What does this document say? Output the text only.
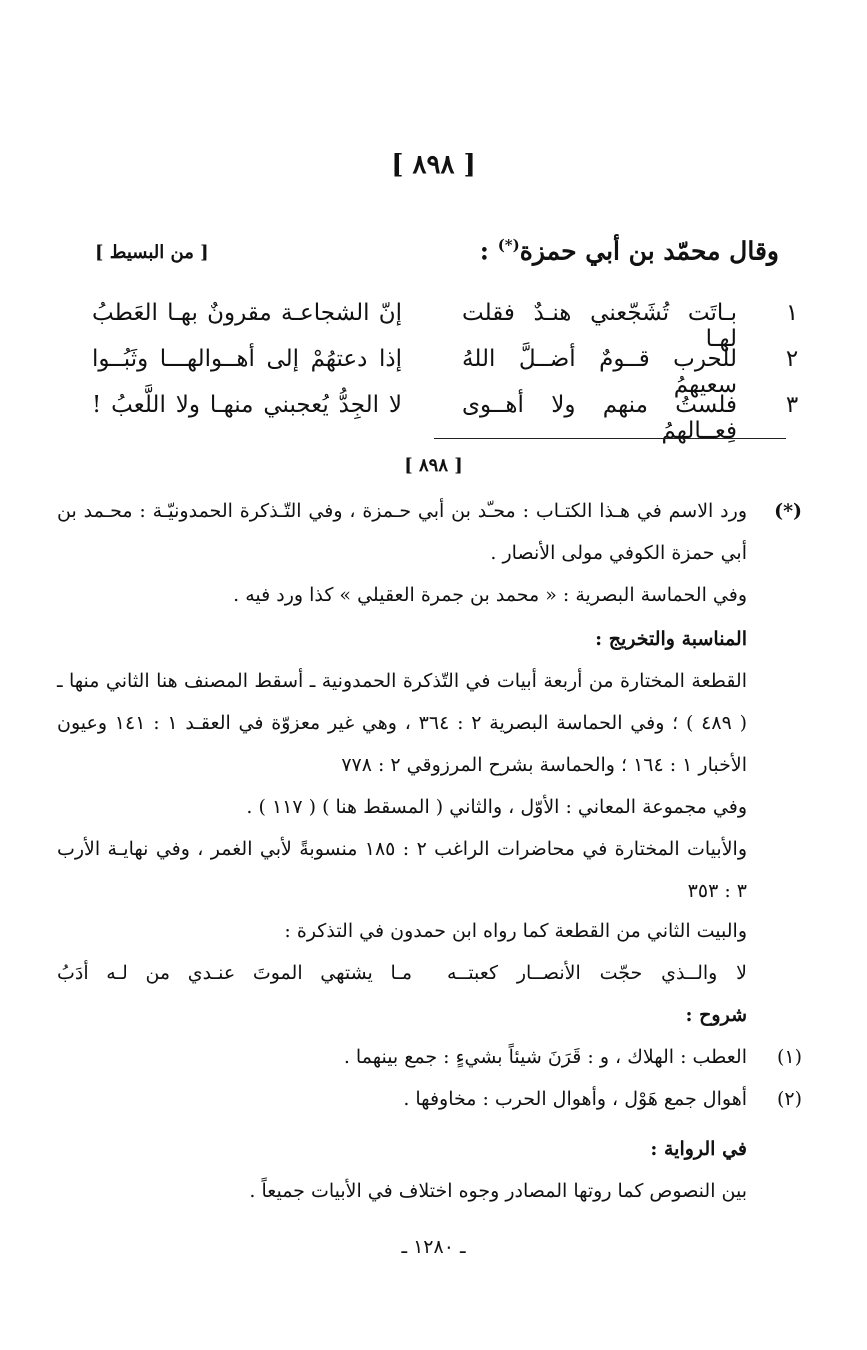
[ ٨٩٨ ]
وقال محمّد بن أبي حمزة(*) :
[ من البسيط ]
١
بـاتَت تُشَجّعني هنـدٌ فقلت لهـا
إنّ الشجاعـة مقرونٌ بهـا العَطبُ
٢
للحرب قــومٌ أضــلَّ اللهُ سعيهمُ
إذا دعتهُمْ إلى أهــوالهـــا وثَبُــوا
٣
فلستُ منهم ولا أهــوى فِعــالهمُ
لا الجِدُّ يُعجبني منهـا ولا اللَّعبُ !
[ ٨٩٨ ]
(*)
ورد الاسم في هـذا الكتـاب : محـّد بن أبي حـمزة ، وفي التّـذكرة الحمدونيّـة : محـمد بن
أبي حمزة الكوفي مولى الأنصار .
وفي الحماسة البصرية : « محمد بن جمرة العقيلي » كذا ورد فيه .
المناسبة والتخريج :
القطعة المختارة من أربعة أبيات في التّذكرة الحمدونية ـ أسقط المصنف هنا الثاني منها ـ
( ٤٨٩ ) ؛ وفي الحماسة البصرية ٢ : ٣٦٤ ، وهي غير معزوّة في العقـد ١ : ١٤١ وعيون
الأخبار ١ : ١٦٤ ؛ والحماسة بشرح المرزوقي ٢ : ٧٧٨
وفي مجموعة المعاني : الأوّل ، والثاني ( المسقط هنا ) ( ١١٧ ) .
والأبيات المختارة في محاضرات الراغب ٢ : ١٨٥ منسوبةً لأبي الغمر ، وفي نهايـة الأرب
٣ : ٣٥٣
والبيت الثاني من القطعة كما رواه ابن حمدون في التذكرة :
لا والــذي حجّت الأنصــار كعبتــه
مـا يشتهي الموتَ عنـدي من لـه أدَبُ
شروح :
(١)
العطب : الهلاك ، و : قَرَنَ شيئاً بشيءٍ : جمع بينهما .
(٢)
أهوال جمع هَوْل ، وأهوال الحرب : مخاوفها .
في الرواية :
بين النصوص كما روتها المصادر وجوه اختلاف في الأبيات جميعاً .
ـ ١٢٨٠ ـ
